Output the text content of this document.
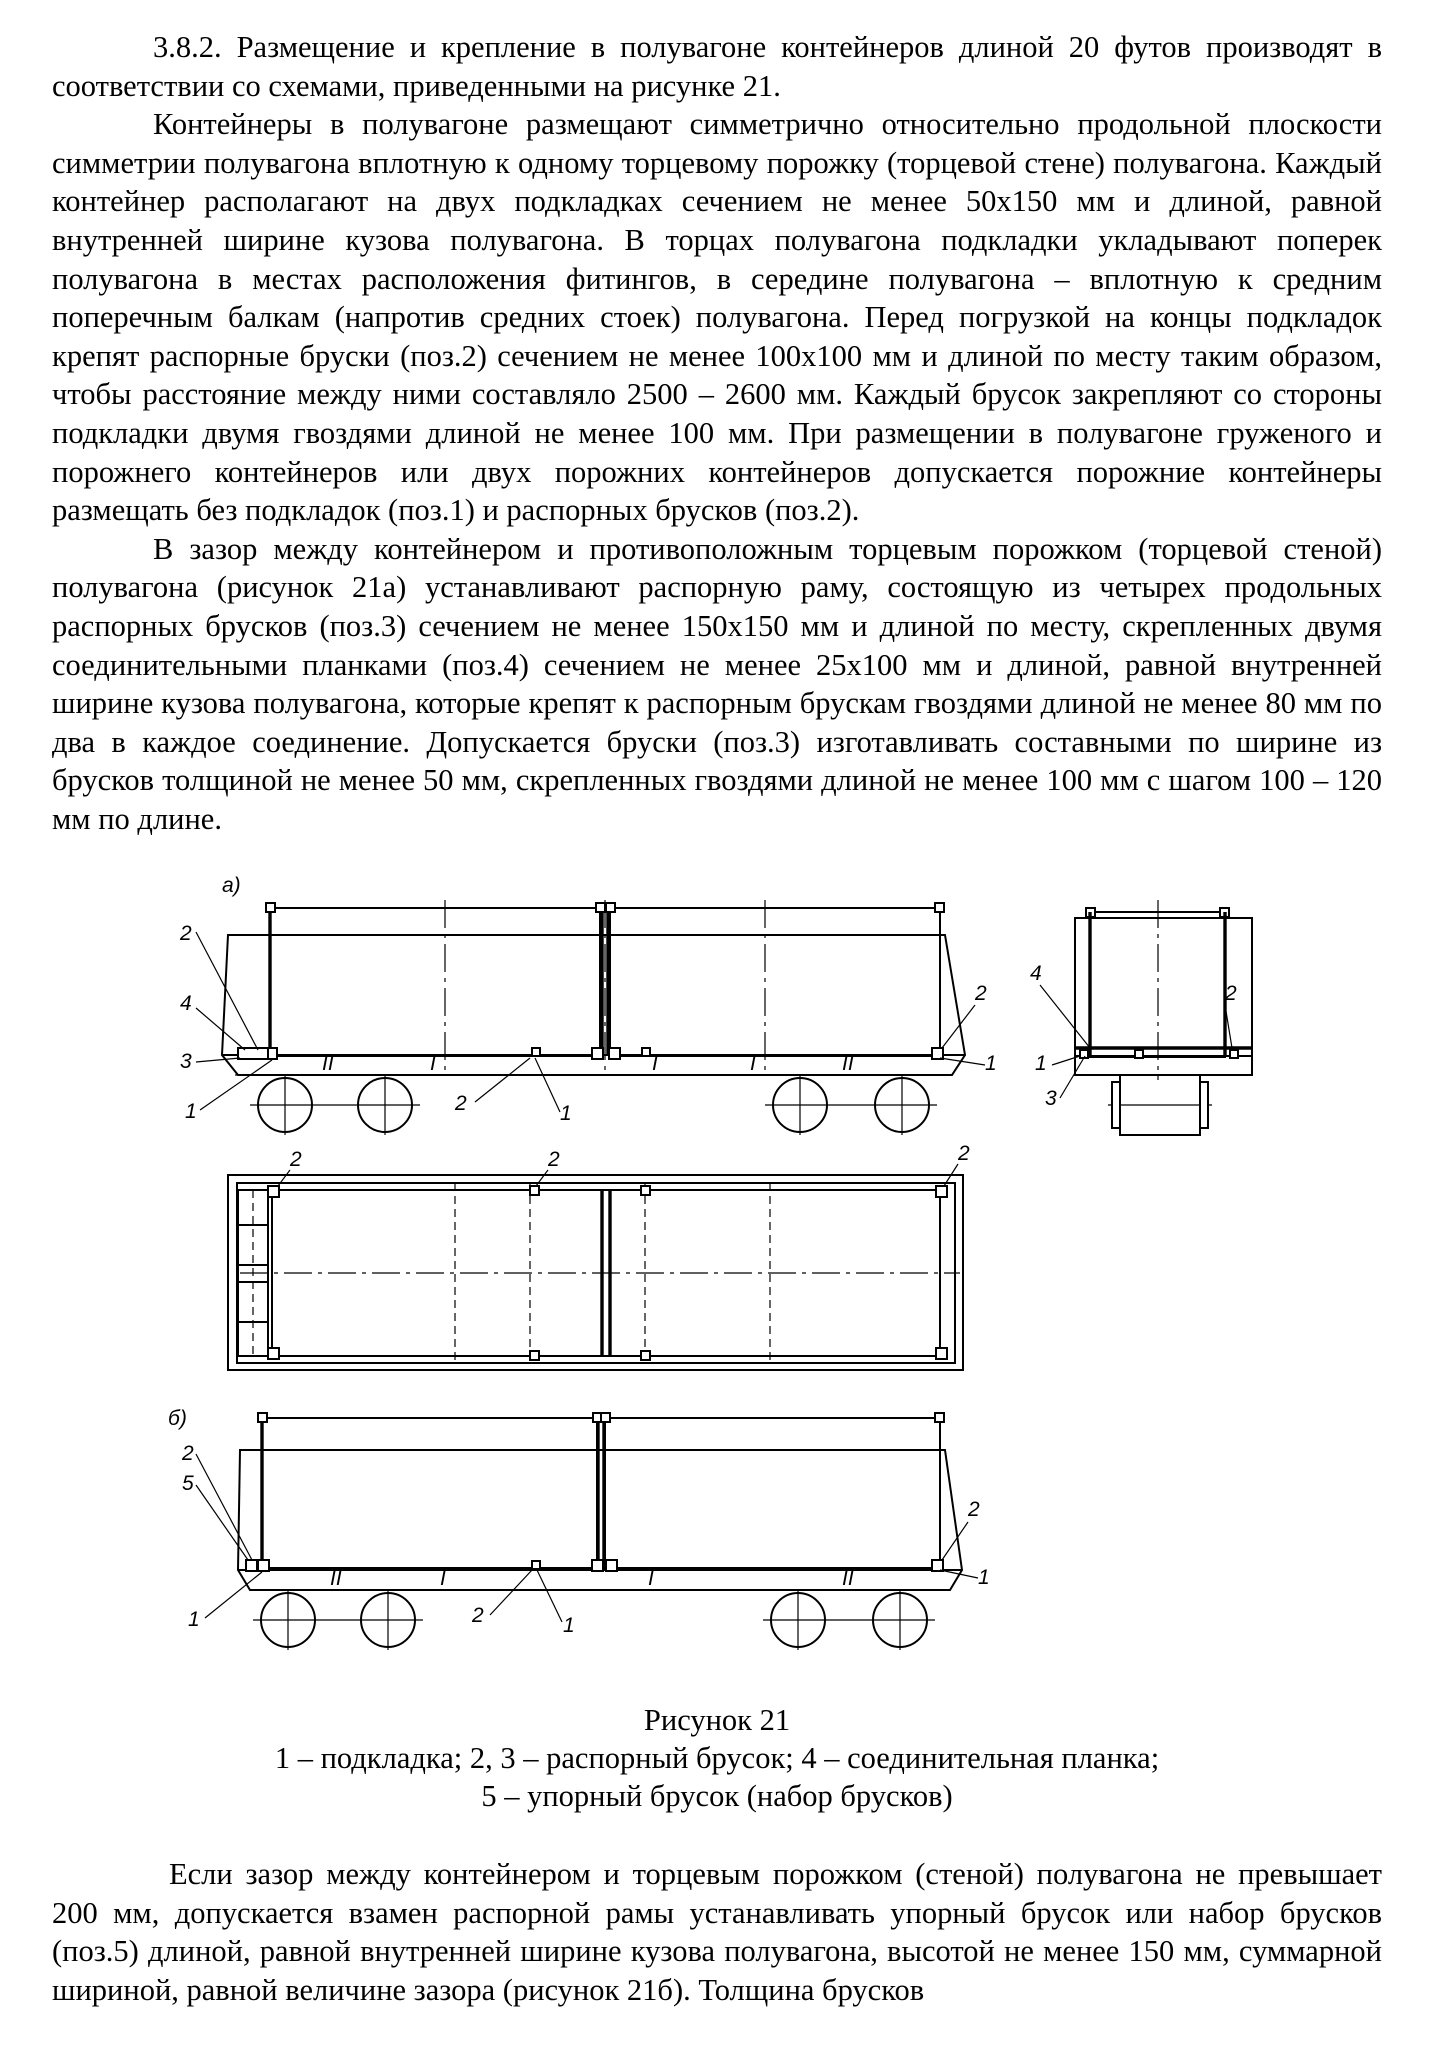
3.8.2. Размещение и крепление в полувагоне контейнеров длиной 20 футов производят в соответствии со схемами, приведенными на рисунке 21.

Контейнеры в полувагоне размещают симметрично относительно продольной плоскости симметрии полувагона вплотную к одному торцевому порожку (торцевой стене) полувагона. Каждый контейнер располагают на двух подкладках сечением не менее 50х150 мм и длиной, равной внутренней ширине кузова полувагона. В торцах полувагона подкладки укладывают поперек полувагона в местах расположения фитингов, в середине полувагона – вплотную к средним поперечным балкам (напротив средних стоек) полувагона. Перед погрузкой на концы подкладок крепят распорные бруски (поз.2) сечением не менее 100х100 мм и длиной по месту таким образом, чтобы расстояние между ними составляло 2500 – 2600 мм. Каждый брусок закрепляют со стороны подкладки двумя гвоздями длиной не менее 100 мм. При размещении в полувагоне груженого и порожнего контейнеров или двух порожних контейнеров допускается порожние контейнеры размещать без подкладок (поз.1) и распорных брусков (поз.2).

В зазор между контейнером и противоположным торцевым порожком (торцевой стеной) полувагона (рисунок 21а) устанавливают распорную раму, состоящую из четырех продольных распорных брусков (поз.3) сечением не менее 150х150 мм и длиной по месту, скрепленных двумя соединительными планками (поз.4) сечением не менее 25х100 мм и длиной, равной внутренней ширине кузова полувагона, которые крепят к распорным брускам гвоздями длиной не менее 80 мм по два в каждое соединение. Допускается бруски (поз.3) изготавливать составными по ширине из брусков толщиной не менее 50 мм, скрепленных гвоздями длиной не менее 100 мм с шагом 100 – 120 мм по длине.

а)
II	I	I	I	II
2
4
3
1	2	1
2
1
4
2
1
3
2	2	2
б)
II	I	I	II
2
5
1	2	1
2
1
Рисунок 21
1 – подкладка; 2, 3 – распорный брусок; 4 – соединительная планка;
5 – упорный брусок (набор брусков)

Если зазор между контейнером и торцевым порожком (стеной) полувагона не превышает 200 мм, допускается взамен распорной рамы устанавливать упорный брусок или набор брусков (поз.5) длиной, равной внутренней ширине кузова полувагона, высотой не менее 150 мм, суммарной шириной, равной величине зазора (рисунок 21б). Толщина брусков
